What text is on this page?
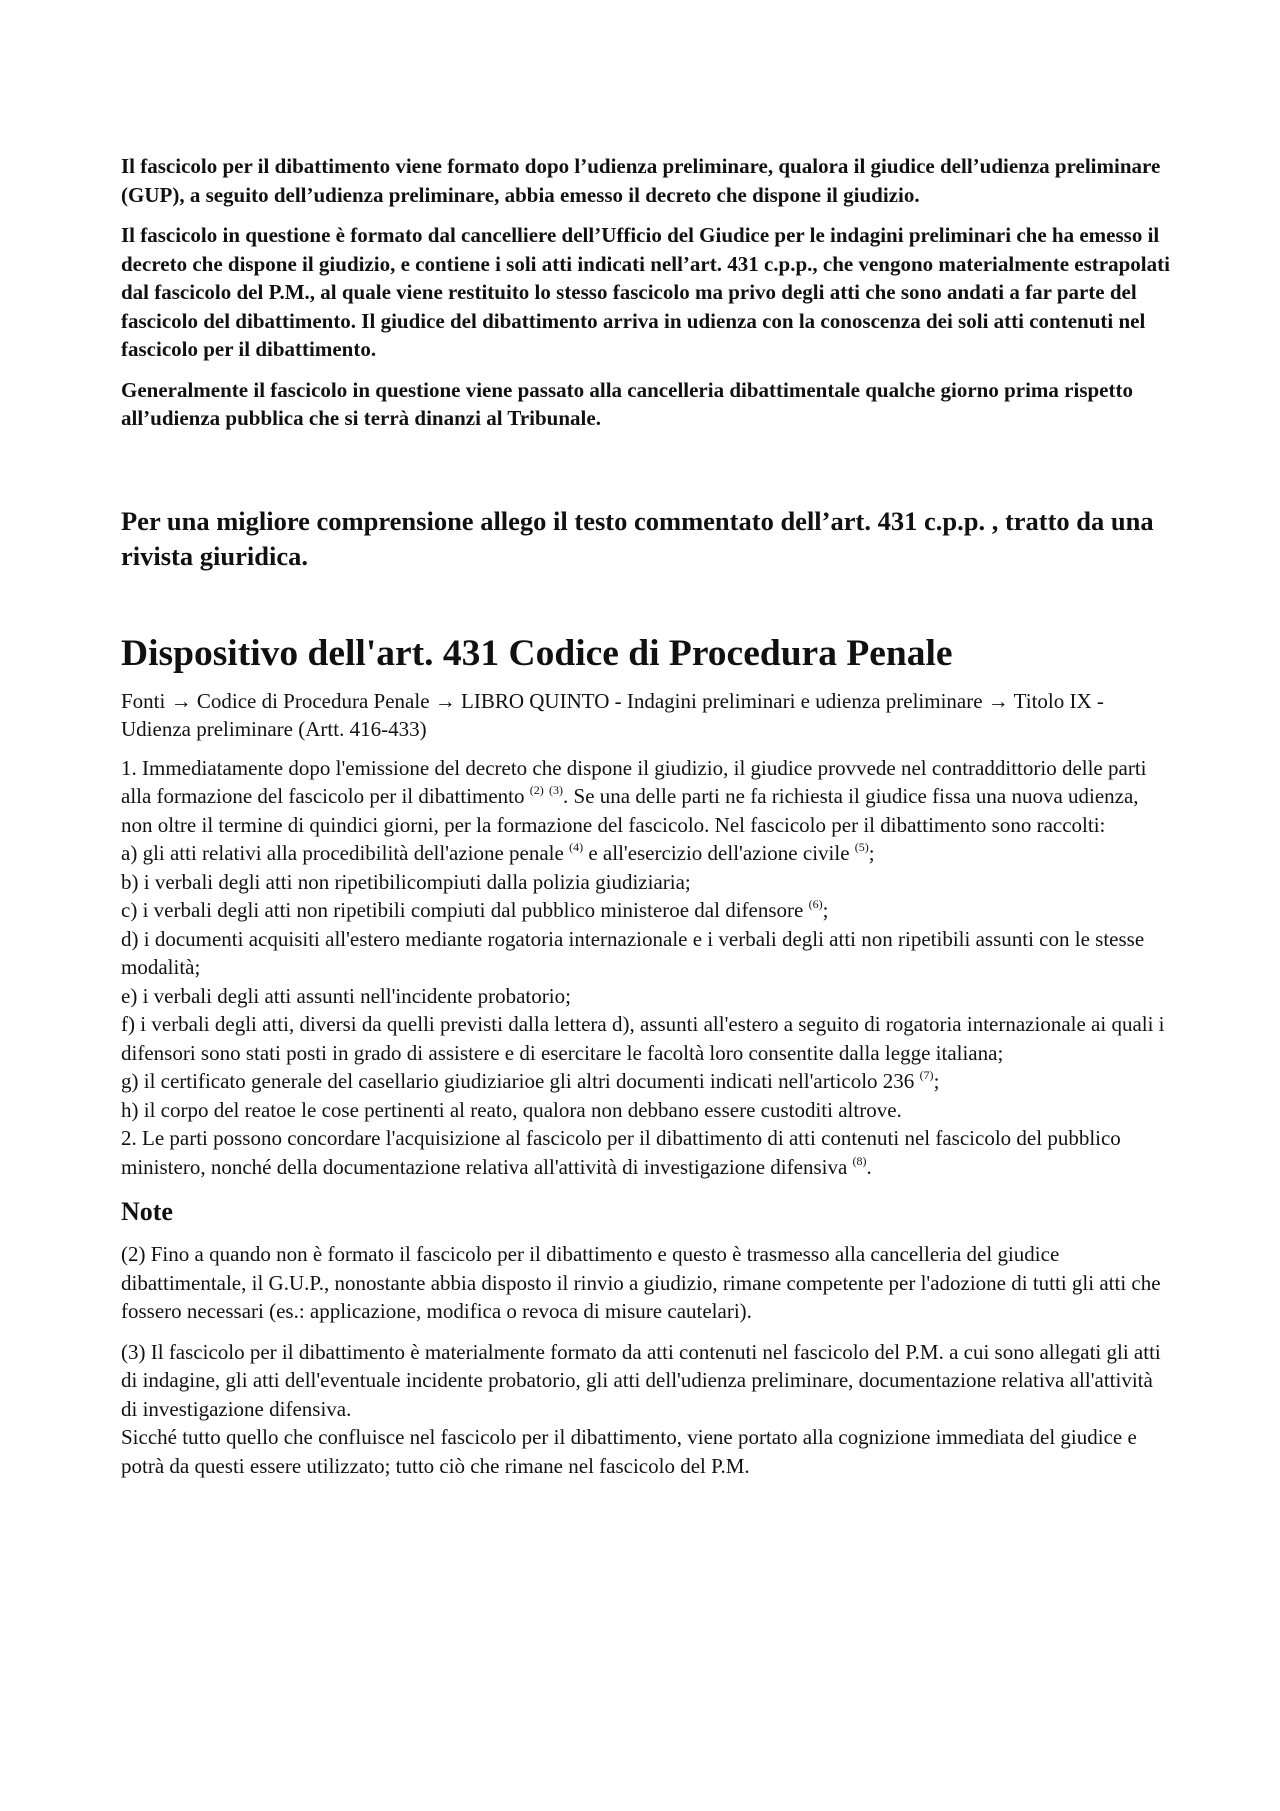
Il fascicolo per il dibattimento viene formato dopo l’udienza preliminare, qualora il giudice dell’udienza preliminare (GUP), a seguito dell’udienza preliminare, abbia emesso il decreto che dispone il giudizio.

Il fascicolo in questione è formato dal cancelliere dell’Ufficio del Giudice per le indagini preliminari che ha emesso il decreto che dispone il giudizio, e contiene i soli atti indicati nell’art. 431 c.p.p., che vengono materialmente estrapolati dal fascicolo del P.M., al quale viene restituito lo stesso fascicolo ma privo degli atti che sono andati a far parte del fascicolo del dibattimento. Il giudice del dibattimento arriva in udienza con la conoscenza dei soli atti contenuti nel fascicolo per il dibattimento.

Generalmente il fascicolo in questione viene passato alla cancelleria dibattimentale qualche giorno prima rispetto all’udienza pubblica che si terrà dinanzi al Tribunale.

Per una migliore comprensione allego il testo commentato dell’art. 431 c.p.p. , tratto da una rivista giuridica.

Dispositivo dell'art. 431 Codice di Procedura Penale

Fonti → Codice di Procedura Penale → LIBRO QUINTO - Indagini preliminari e udienza preliminare → Titolo IX - Udienza preliminare (Artt. 416-433)

1. Immediatamente dopo l'emissione del decreto che dispone il giudizio, il giudice provvede nel contraddittorio delle parti alla formazione del fascicolo per il dibattimento $^{(2)}$ $^{(3)}$. Se una delle parti ne fa richiesta il giudice fissa una nuova udienza, non oltre il termine di quindici giorni, per la formazione del fascicolo. Nel fascicolo per il dibattimento sono raccolti:
a) gli atti relativi alla procedibilità dell'azione penale $^{(4)}$ e all'esercizio dell'azione civile $^{(5)}$;
b) i verbali degli atti non ripetibilicompiuti dalla polizia giudiziaria;
c) i verbali degli atti non ripetibili compiuti dal pubblico ministeroe dal difensore $^{(6)}$;
d) i documenti acquisiti all'estero mediante rogatoria internazionale e i verbali degli atti non ripetibili assunti con le stesse modalità;
e) i verbali degli atti assunti nell'incidente probatorio;
f) i verbali degli atti, diversi da quelli previsti dalla lettera d), assunti all'estero a seguito di rogatoria internazionale ai quali i difensori sono stati posti in grado di assistere e di esercitare le facoltà loro consentite dalla legge italiana;
g) il certificato generale del casellario giudiziarioe gli altri documenti indicati nell'articolo 236 $^{(7)}$;
h) il corpo del reatoe le cose pertinenti al reato, qualora non debbano essere custoditi altrove.
2. Le parti possono concordare l'acquisizione al fascicolo per il dibattimento di atti contenuti nel fascicolo del pubblico ministero, nonché della documentazione relativa all'attività di investigazione difensiva $^{(8)}$.
Note

(2) Fino a quando non è formato il fascicolo per il dibattimento e questo è trasmesso alla cancelleria del giudice dibattimentale, il G.U.P., nonostante abbia disposto il rinvio a giudizio, rimane competente per l'adozione di tutti gli atti che fossero necessari (es.: applicazione, modifica o revoca di misure cautelari).

(3) Il fascicolo per il dibattimento è materialmente formato da atti contenuti nel fascicolo del P.M. a cui sono allegati gli atti di indagine, gli atti dell'eventuale incidente probatorio, gli atti dell'udienza preliminare, documentazione relativa all'attività di investigazione difensiva.
Sicché tutto quello che confluisce nel fascicolo per il dibattimento, viene portato alla cognizione immediata del giudice e potrà da questi essere utilizzato; tutto ciò che rimane nel fascicolo del P.M.
